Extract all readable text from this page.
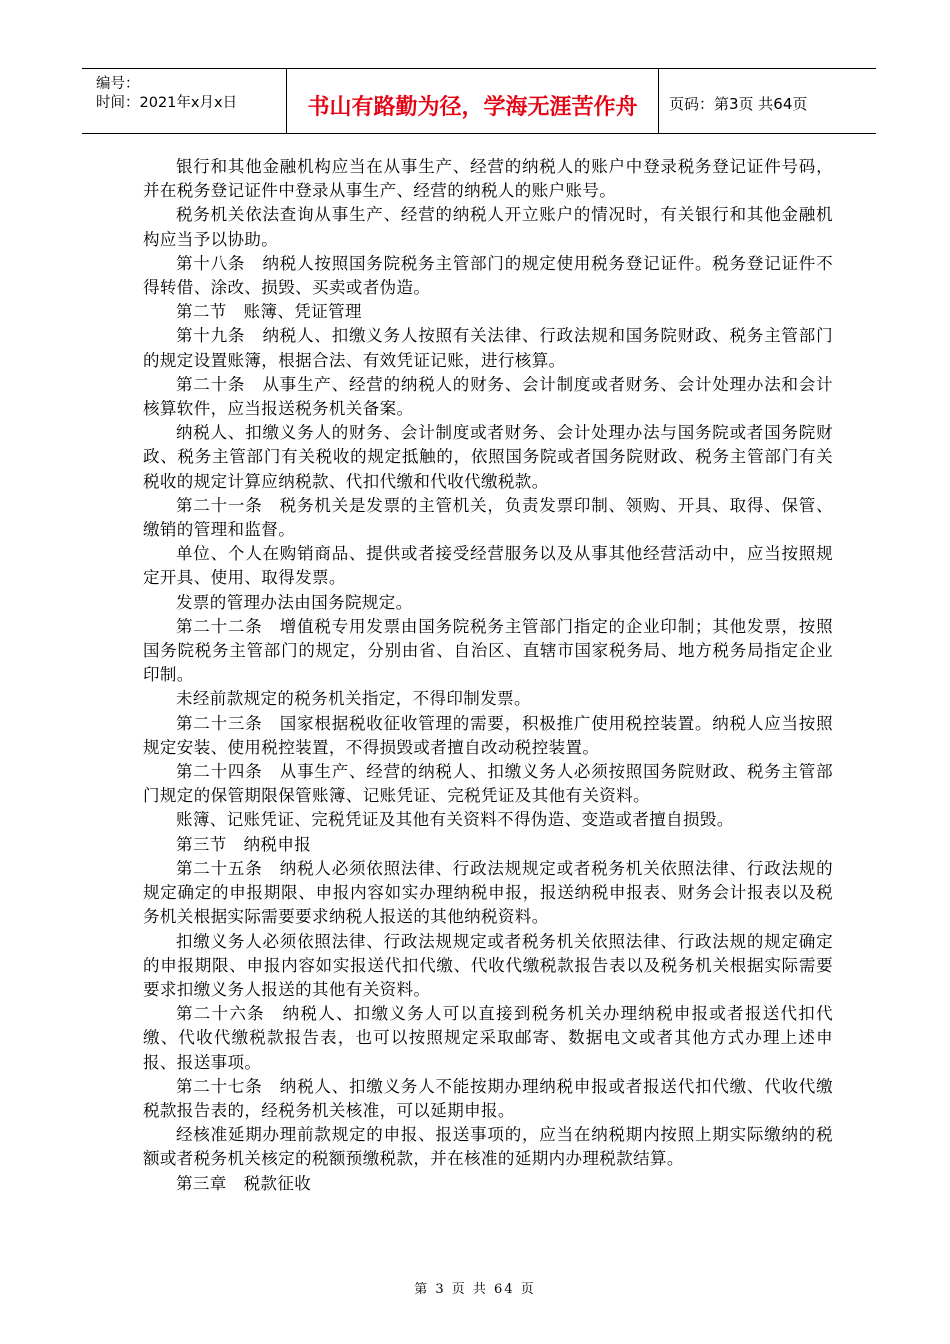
编号：
时间：2021年x月x日	书山有路勤为径，学海无涯苦作舟	页码：第3页 共64页

银行和其他金融机构应当在从事生产、经营的纳税人的账户中登录税务登记证件号码，并在税务登记证件中登录从事生产、经营的纳税人的账户账号。

税务机关依法查询从事生产、经营的纳税人开立账户的情况时，有关银行和其他金融机构应当予以协助。

第十八条　纳税人按照国务院税务主管部门的规定使用税务登记证件。税务登记证件不得转借、涂改、损毁、买卖或者伪造。

第二节　账簿、凭证管理

第十九条　纳税人、扣缴义务人按照有关法律、行政法规和国务院财政、税务主管部门的规定设置账簿，根据合法、有效凭证记账，进行核算。

第二十条　从事生产、经营的纳税人的财务、会计制度或者财务、会计处理办法和会计核算软件，应当报送税务机关备案。

纳税人、扣缴义务人的财务、会计制度或者财务、会计处理办法与国务院或者国务院财政、税务主管部门有关税收的规定抵触的，依照国务院或者国务院财政、税务主管部门有关税收的规定计算应纳税款、代扣代缴和代收代缴税款。

第二十一条　税务机关是发票的主管机关，负责发票印制、领购、开具、取得、保管、缴销的管理和监督。

单位、个人在购销商品、提供或者接受经营服务以及从事其他经营活动中，应当按照规定开具、使用、取得发票。

发票的管理办法由国务院规定。

第二十二条　增值税专用发票由国务院税务主管部门指定的企业印制；其他发票，按照国务院税务主管部门的规定，分别由省、自治区、直辖市国家税务局、地方税务局指定企业印制。

未经前款规定的税务机关指定，不得印制发票。

第二十三条　国家根据税收征收管理的需要，积极推广使用税控装置。纳税人应当按照规定安装、使用税控装置，不得损毁或者擅自改动税控装置。

第二十四条　从事生产、经营的纳税人、扣缴义务人必须按照国务院财政、税务主管部门规定的保管期限保管账簿、记账凭证、完税凭证及其他有关资料。

账簿、记账凭证、完税凭证及其他有关资料不得伪造、变造或者擅自损毁。

第三节　纳税申报

第二十五条　纳税人必须依照法律、行政法规规定或者税务机关依照法律、行政法规的规定确定的申报期限、申报内容如实办理纳税申报，报送纳税申报表、财务会计报表以及税务机关根据实际需要要求纳税人报送的其他纳税资料。

扣缴义务人必须依照法律、行政法规规定或者税务机关依照法律、行政法规的规定确定的申报期限、申报内容如实报送代扣代缴、代收代缴税款报告表以及税务机关根据实际需要要求扣缴义务人报送的其他有关资料。

第二十六条　纳税人、扣缴义务人可以直接到税务机关办理纳税申报或者报送代扣代缴、代收代缴税款报告表，也可以按照规定采取邮寄、数据电文或者其他方式办理上述申报、报送事项。

第二十七条　纳税人、扣缴义务人不能按期办理纳税申报或者报送代扣代缴、代收代缴税款报告表的，经税务机关核准，可以延期申报。

经核准延期办理前款规定的申报、报送事项的，应当在纳税期内按照上期实际缴纳的税额或者税务机关核定的税额预缴税款，并在核准的延期内办理税款结算。

第三章　税款征收

第 3 页 共 64 页
